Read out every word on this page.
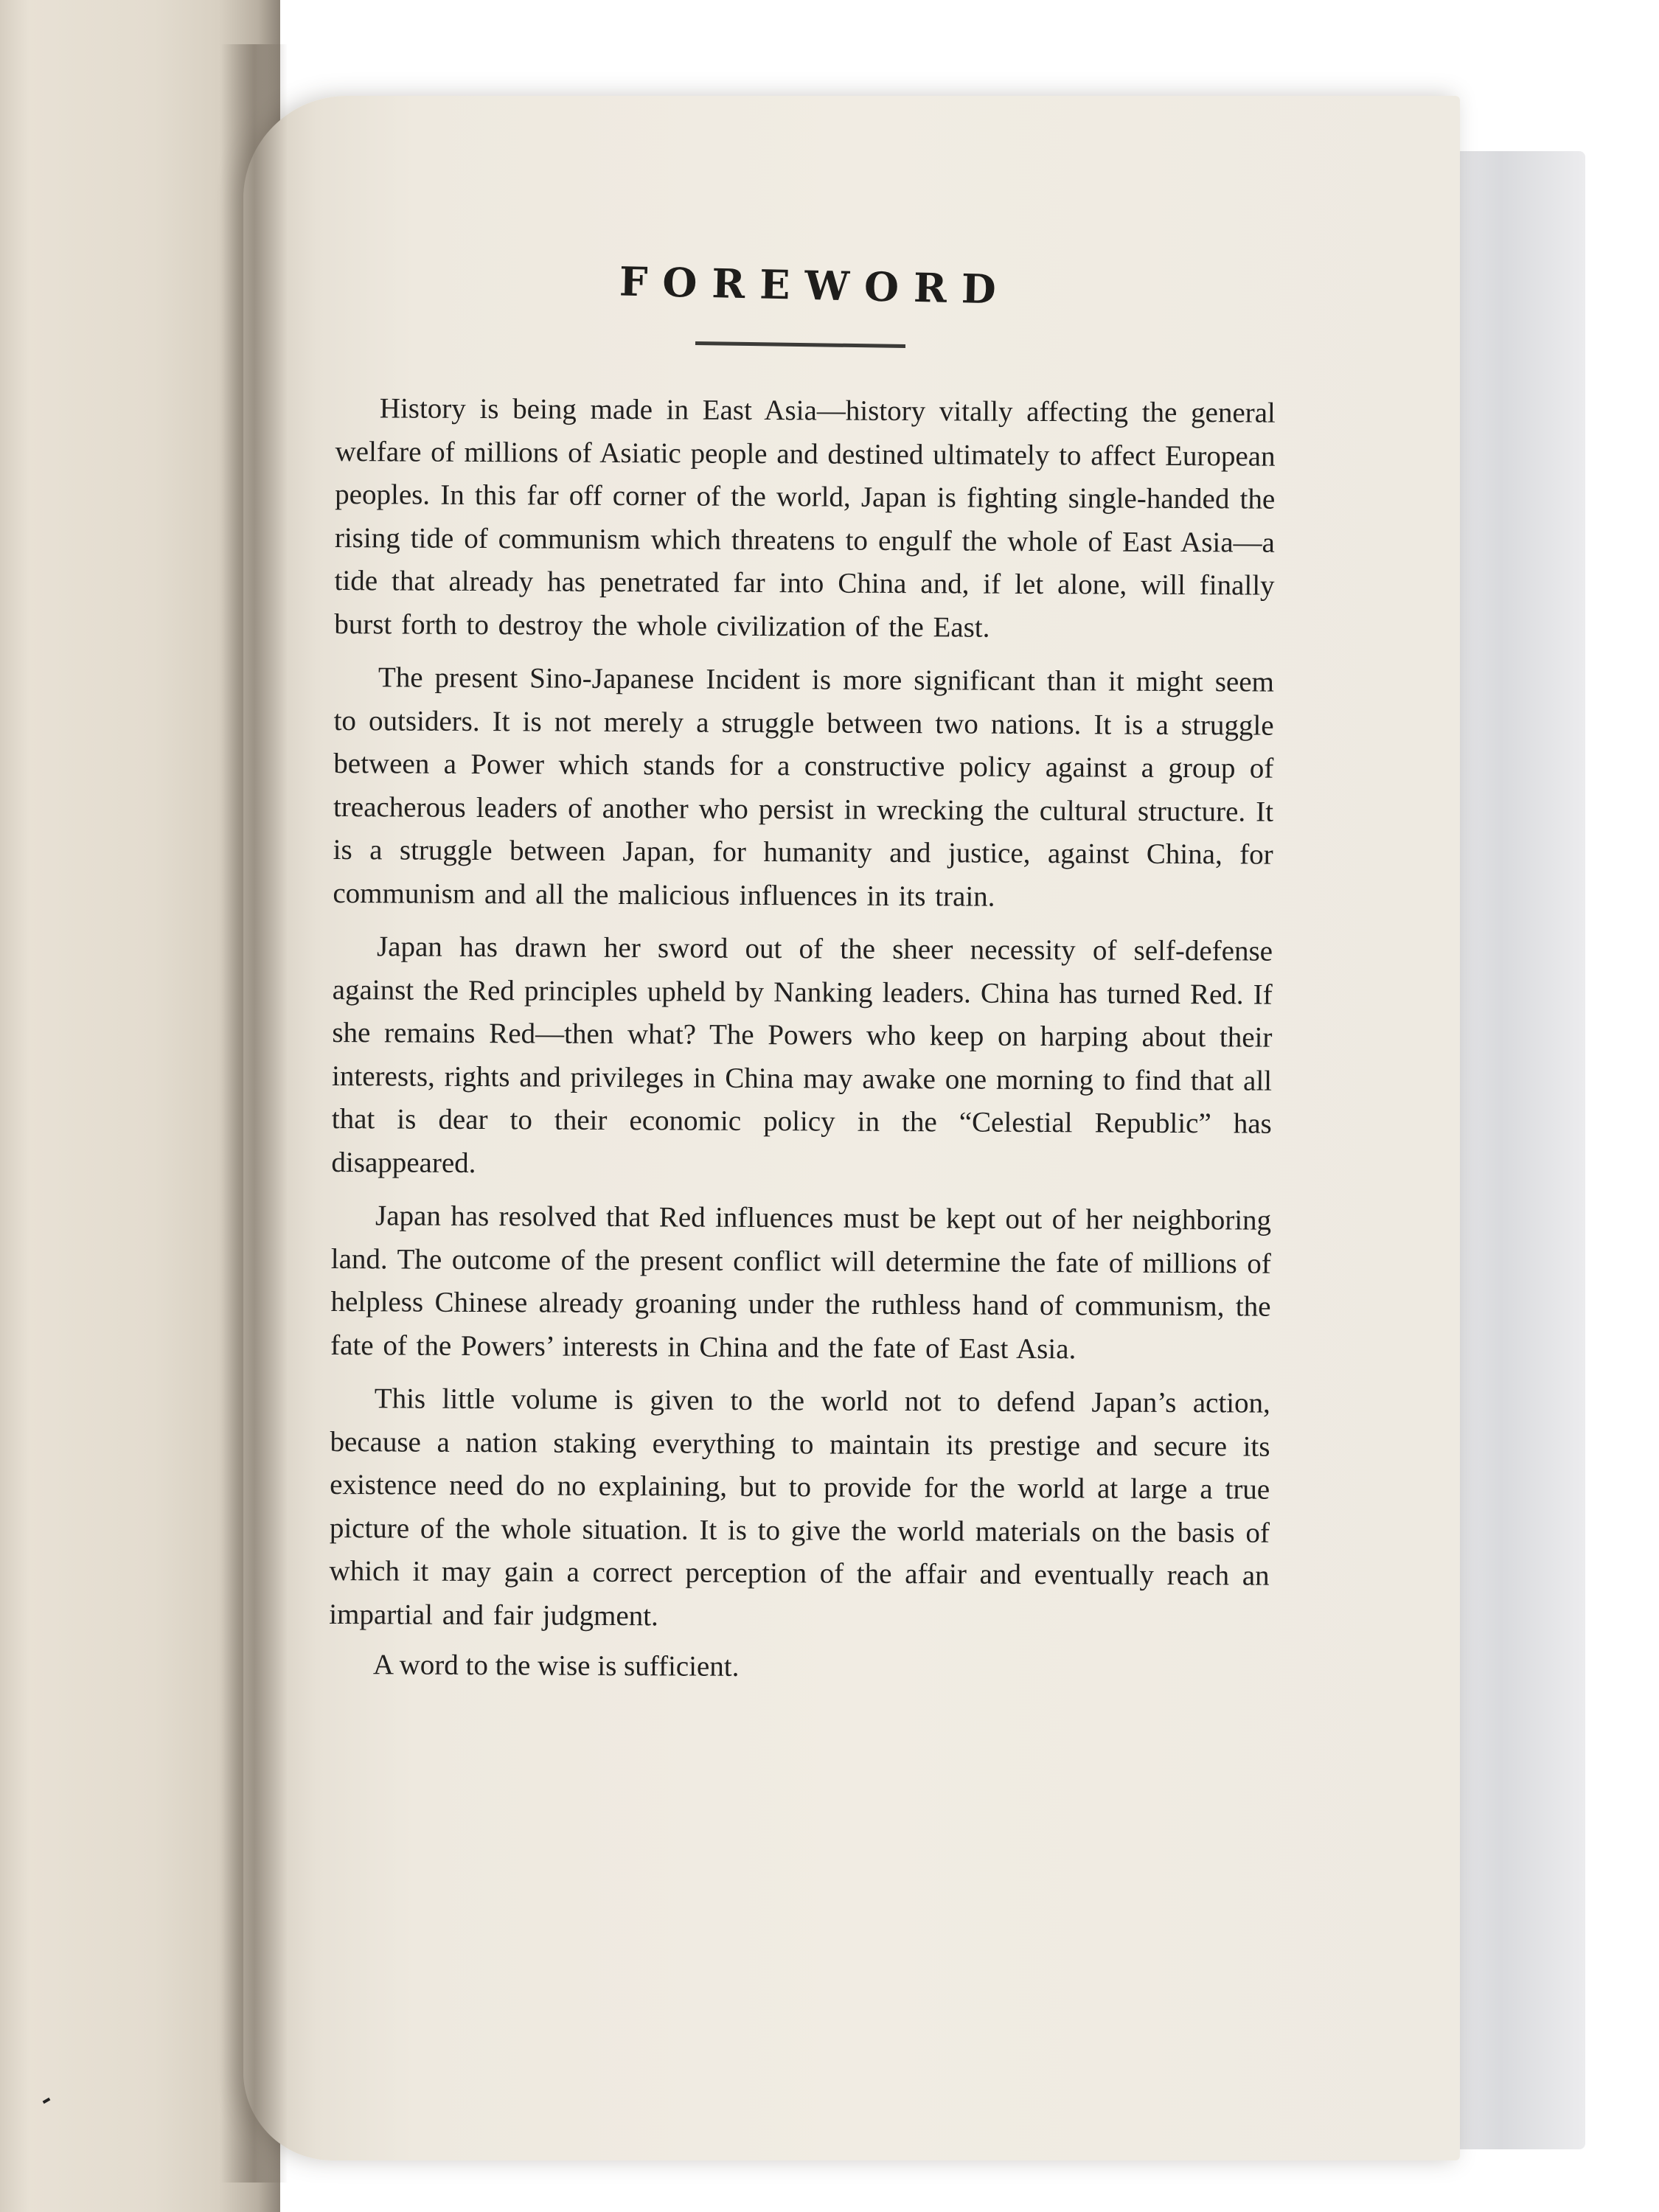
FOREWORD

History is being made in East Asia—history vitally affecting the general welfare of millions of Asiatic people and destined ultimately to affect European peoples. In this far off corner of the world, Japan is fighting single-handed the rising tide of communism which threatens to engulf the whole of East Asia—a tide that already has penetrated far into China and, if let alone, will finally burst forth to destroy the whole civilization of the East.

The present Sino-Japanese Incident is more significant than it might seem to outsiders. It is not merely a struggle between two nations. It is a struggle between a Power which stands for a constructive policy against a group of treacherous leaders of another who persist in wrecking the cultural structure. It is a struggle between Japan, for humanity and justice, against China, for communism and all the malicious influences in its train.

Japan has drawn her sword out of the sheer necessity of self-defense against the Red principles upheld by Nanking leaders. China has turned Red. If she remains Red—then what? The Powers who keep on harping about their interests, rights and privileges in China may awake one morning to find that all that is dear to their economic policy in the “Celestial Republic” has disappeared.

Japan has resolved that Red influences must be kept out of her neighboring land. The outcome of the present conflict will determine the fate of millions of helpless Chinese already groaning under the ruthless hand of communism, the fate of the Powers’ interests in China and the fate of East Asia.

This little volume is given to the world not to defend Japan’s action, because a nation staking everything to maintain its prestige and secure its existence need do no explaining, but to provide for the world at large a true picture of the whole situation. It is to give the world materials on the basis of which it may gain a correct perception of the affair and eventually reach an impartial and fair judgment.

A word to the wise is sufficient.
